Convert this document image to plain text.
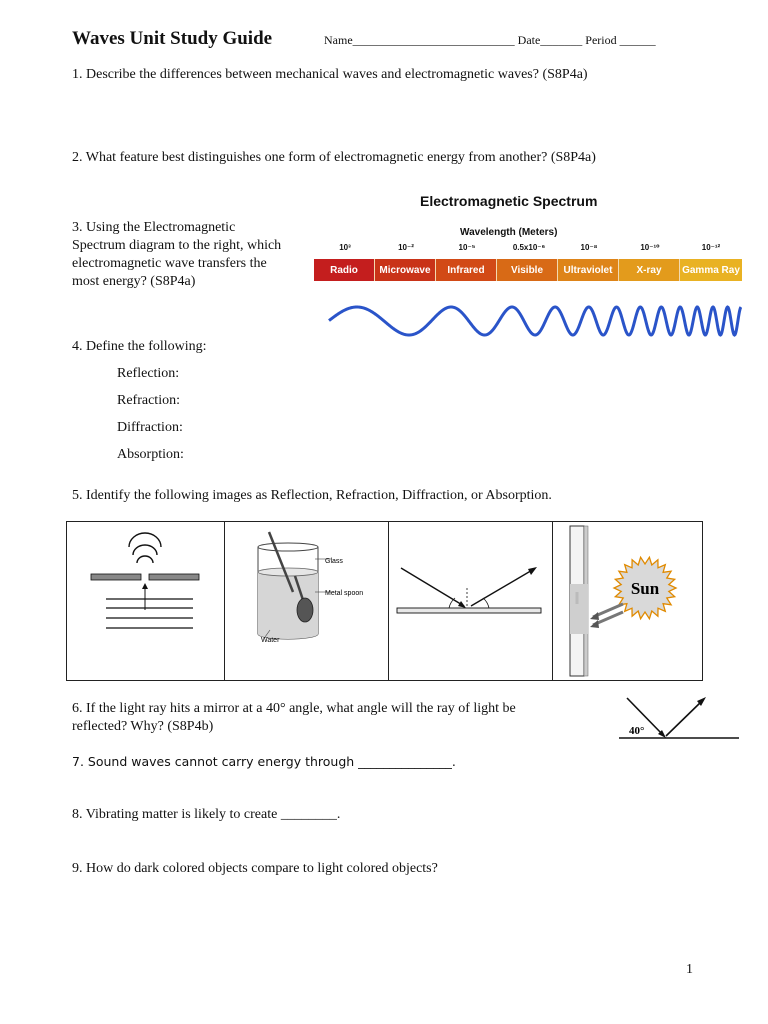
Waves Unit Study Guide	Name___________________________ Date_______ Period ______
1. Describe the differences between mechanical waves and electromagnetic waves? (S8P4a)
2. What feature best distinguishes one form of electromagnetic energy from another? (S8P4a)
3. Using the Electromagnetic
Spectrum diagram to the right, which
electromagnetic wave transfers the
most energy? (S8P4a)
Electromagnetic Spectrum
Wavelength (Meters)
10³	10⁻²	10⁻⁵	0.5x10⁻⁶	10⁻⁸	10⁻¹⁰	10⁻¹²
Radio	Microwave	Infrared	Visible	Ultraviolet	X-ray	Gamma Ray
4. Define the following:
Reflection:
Refraction:
Diffraction:
Absorption:
5. Identify the following images as Reflection, Refraction, Diffraction, or Absorption.
Glass
Metal spoon
Water
Sun
6. If the light ray hits a mirror at a 40° angle, what angle will the ray of light be
reflected? Why? (S8P4b)	40°
7. Sound waves cannot carry energy through _______________.
8. Vibrating matter is likely to create ________.
9. How do dark colored objects compare to light colored objects?
1
